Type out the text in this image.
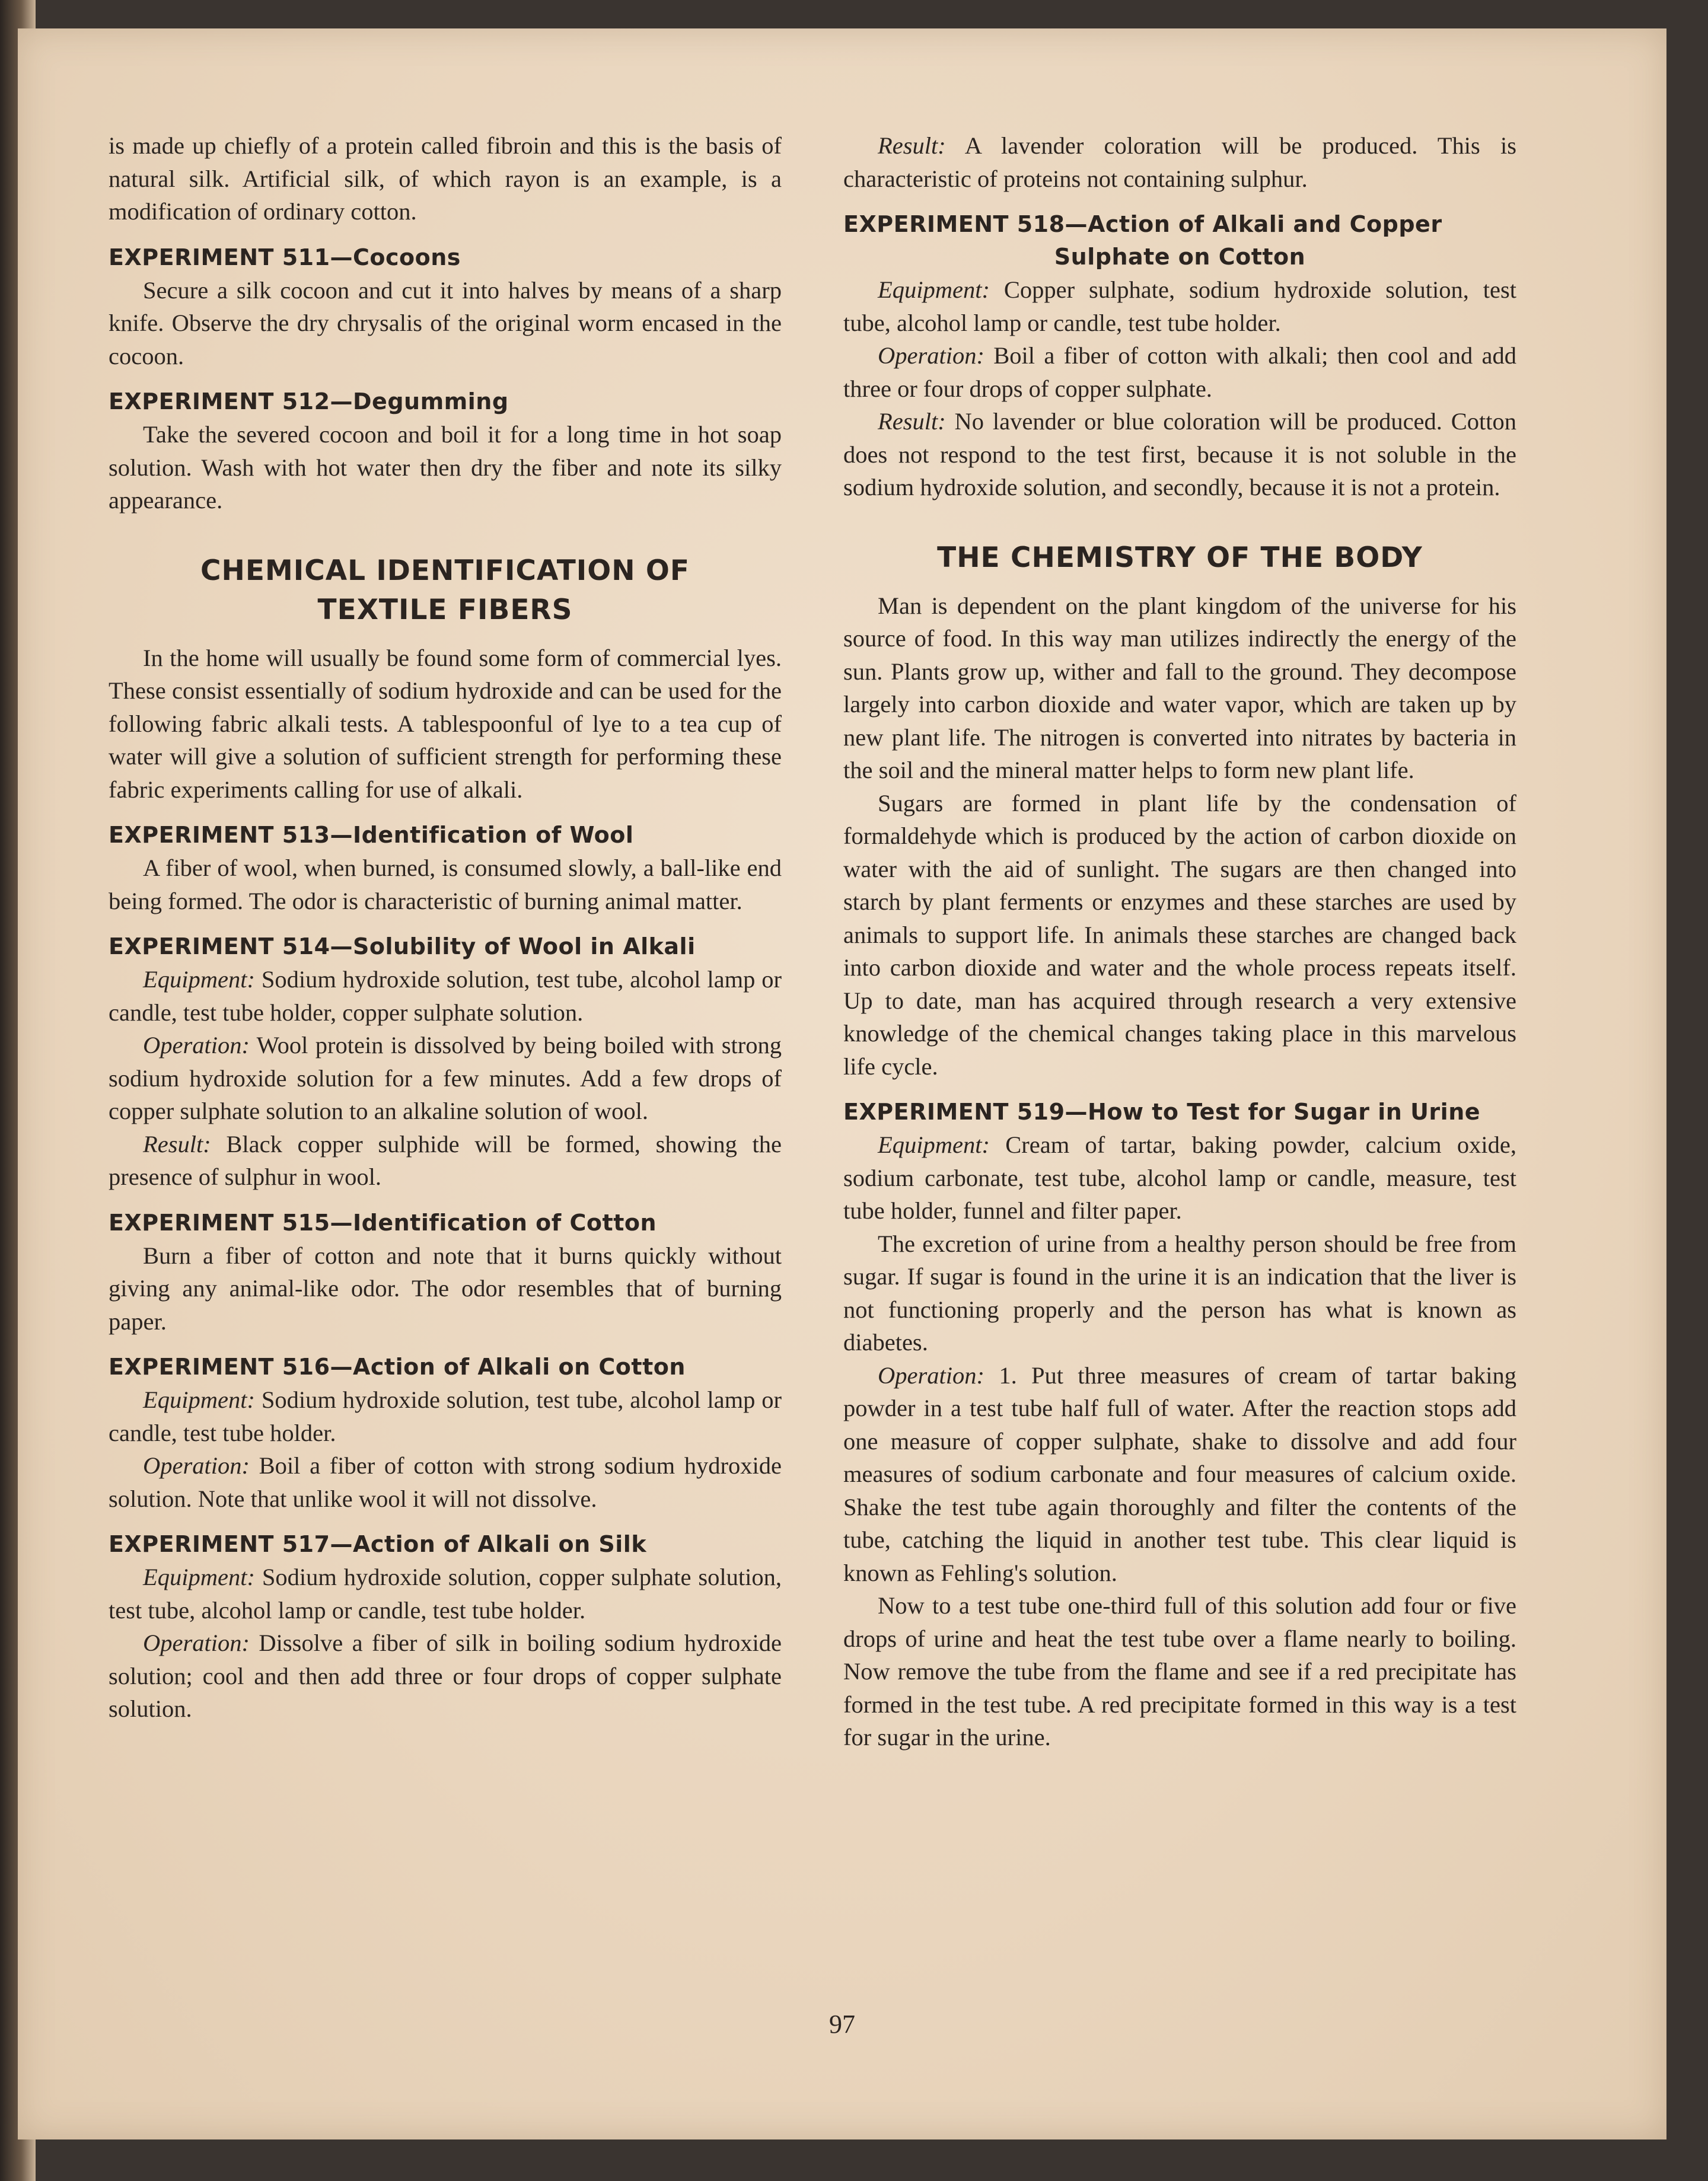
is made up chiefly of a protein called fibroin and this is the basis of natural silk. Artificial silk, of which rayon is an example, is a modification of ordinary cotton.

EXPERIMENT 511—Cocoons

Secure a silk cocoon and cut it into halves by means of a sharp knife. Observe the dry chrysalis of the original worm encased in the cocoon.

EXPERIMENT 512—Degumming

Take the severed cocoon and boil it for a long time in hot soap solution. Wash with hot water then dry the fiber and note its silky appearance.

CHEMICAL IDENTIFICATION OF TEXTILE FIBERS

In the home will usually be found some form of commercial lyes. These consist essentially of sodium hydroxide and can be used for the following fabric alkali tests. A tablespoonful of lye to a tea cup of water will give a solution of sufficient strength for performing these fabric experiments calling for use of alkali.

EXPERIMENT 513—Identification of Wool

A fiber of wool, when burned, is consumed slowly, a ball-like end being formed. The odor is characteristic of burning animal matter.

EXPERIMENT 514—Solubility of Wool in Alkali

Equipment: Sodium hydroxide solution, test tube, alcohol lamp or candle, test tube holder, copper sulphate solution.

Operation: Wool protein is dissolved by being boiled with strong sodium hydroxide solution for a few minutes. Add a few drops of copper sulphate solution to an alkaline solution of wool.

Result: Black copper sulphide will be formed, showing the presence of sulphur in wool.

EXPERIMENT 515—Identification of Cotton

Burn a fiber of cotton and note that it burns quickly without giving any animal-like odor. The odor resembles that of burning paper.

EXPERIMENT 516—Action of Alkali on Cotton

Equipment: Sodium hydroxide solution, test tube, alcohol lamp or candle, test tube holder.

Operation: Boil a fiber of cotton with strong sodium hydroxide solution. Note that unlike wool it will not dissolve.

EXPERIMENT 517—Action of Alkali on Silk

Equipment: Sodium hydroxide solution, copper sulphate solution, test tube, alcohol lamp or candle, test tube holder.

Operation: Dissolve a fiber of silk in boiling sodium hydroxide solution; cool and then add three or four drops of copper sulphate solution.

Result: A lavender coloration will be produced. This is characteristic of proteins not containing sulphur.

EXPERIMENT 518—Action of Alkali and Copper
Sulphate on Cotton

Equipment: Copper sulphate, sodium hydroxide solution, test tube, alcohol lamp or candle, test tube holder.

Operation: Boil a fiber of cotton with alkali; then cool and add three or four drops of copper sulphate.

Result: No lavender or blue coloration will be produced. Cotton does not respond to the test first, because it is not soluble in the sodium hydroxide solution, and secondly, because it is not a protein.

THE CHEMISTRY OF THE BODY

Man is dependent on the plant kingdom of the universe for his source of food. In this way man utilizes indirectly the energy of the sun. Plants grow up, wither and fall to the ground. They decompose largely into carbon dioxide and water vapor, which are taken up by new plant life. The nitrogen is converted into nitrates by bacteria in the soil and the mineral matter helps to form new plant life.

Sugars are formed in plant life by the condensation of formaldehyde which is produced by the action of carbon dioxide on water with the aid of sunlight. The sugars are then changed into starch by plant ferments or enzymes and these starches are used by animals to support life. In animals these starches are changed back into carbon dioxide and water and the whole process repeats itself. Up to date, man has acquired through research a very extensive knowledge of the chemical changes taking place in this marvelous life cycle.

EXPERIMENT 519—How to Test for Sugar in Urine

Equipment: Cream of tartar, baking powder, calcium oxide, sodium carbonate, test tube, alcohol lamp or candle, measure, test tube holder, funnel and filter paper.

The excretion of urine from a healthy person should be free from sugar. If sugar is found in the urine it is an indication that the liver is not functioning properly and the person has what is known as diabetes.

Operation: 1. Put three measures of cream of tartar baking powder in a test tube half full of water. After the reaction stops add one measure of copper sulphate, shake to dissolve and add four measures of sodium carbonate and four measures of calcium oxide. Shake the test tube again thoroughly and filter the contents of the tube, catching the liquid in another test tube. This clear liquid is known as Fehling's solution.

Now to a test tube one-third full of this solution add four or five drops of urine and heat the test tube over a flame nearly to boiling. Now remove the tube from the flame and see if a red precipitate has formed in the test tube. A red precipitate formed in this way is a test for sugar in the urine.

97
